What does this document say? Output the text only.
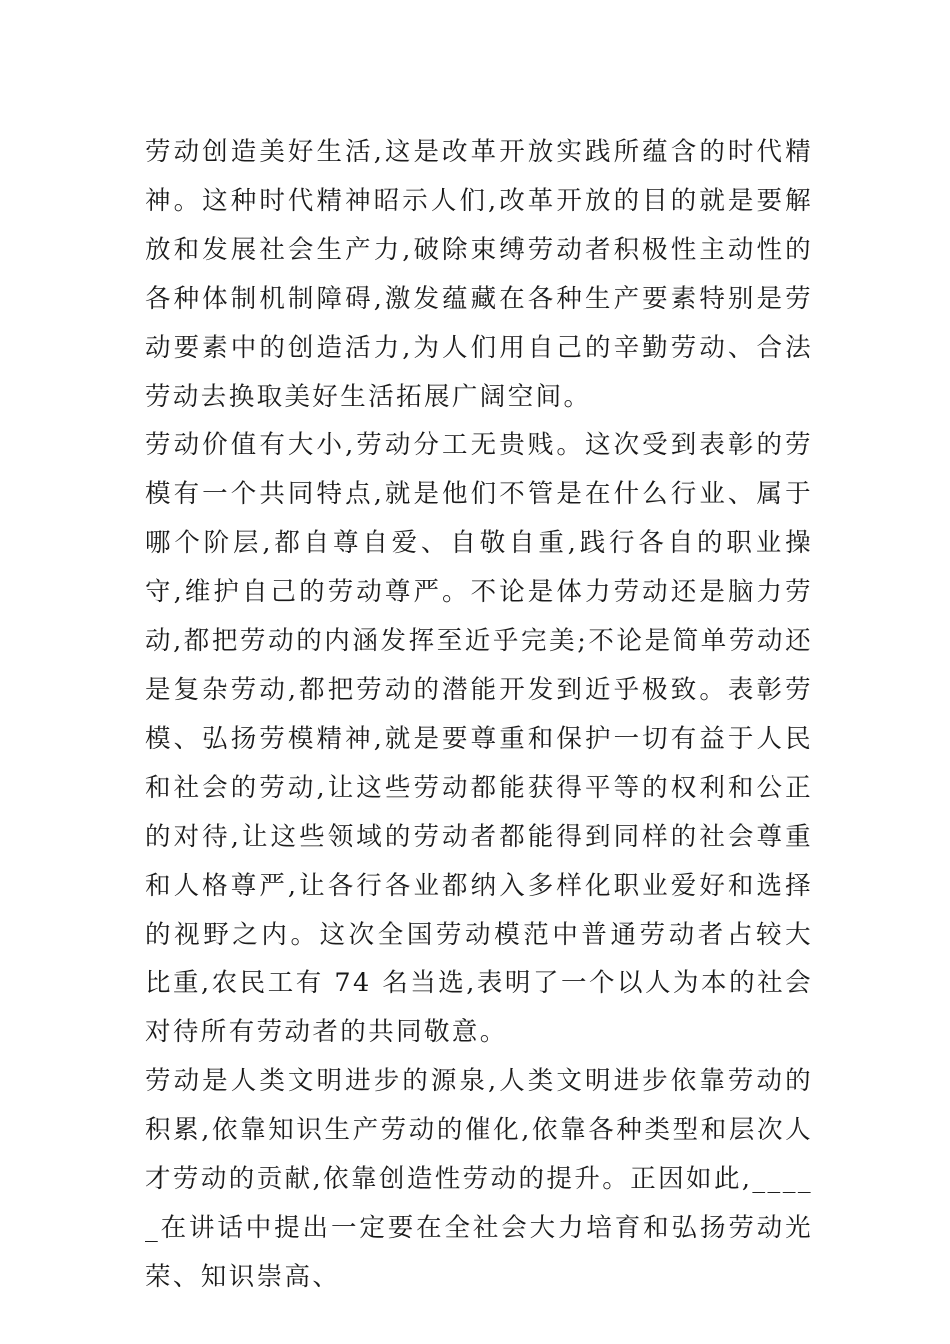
劳动创造美好生活,这是改革开放实践所蕴含的时代精神。这种时代精神昭示人们,改革开放的目的就是要解放和发展社会生产力,破除束缚劳动者积极性主动性的各种体制机制障碍,激发蕴藏在各种生产要素特别是劳动要素中的创造活力,为人们用自己的辛勤劳动、合法劳动去换取美好生活拓展广阔空间。

劳动价值有大小,劳动分工无贵贱。这次受到表彰的劳模有一个共同特点,就是他们不管是在什么行业、属于哪个阶层,都自尊自爱、自敬自重,践行各自的职业操守,维护自己的劳动尊严。不论是体力劳动还是脑力劳动,都把劳动的内涵发挥至近乎完美;不论是简单劳动还是复杂劳动,都把劳动的潜能开发到近乎极致。表彰劳模、弘扬劳模精神,就是要尊重和保护一切有益于人民和社会的劳动,让这些劳动都能获得平等的权利和公正的对待,让这些领域的劳动者都能得到同样的社会尊重和人格尊严,让各行各业都纳入多样化职业爱好和选择的视野之内。这次全国劳动模范中普通劳动者占较大比重,农民工有 74 名当选,表明了一个以人为本的社会对待所有劳动者的共同敬意。

劳动是人类文明进步的源泉,人类文明进步依靠劳动的积累,依靠知识生产劳动的催化,依靠各种类型和层次人才劳动的贡献,依靠创造性劳动的提升。正因如此,_____在讲话中提出一定要在全社会大力培育和弘扬劳动光荣、知识崇高、
